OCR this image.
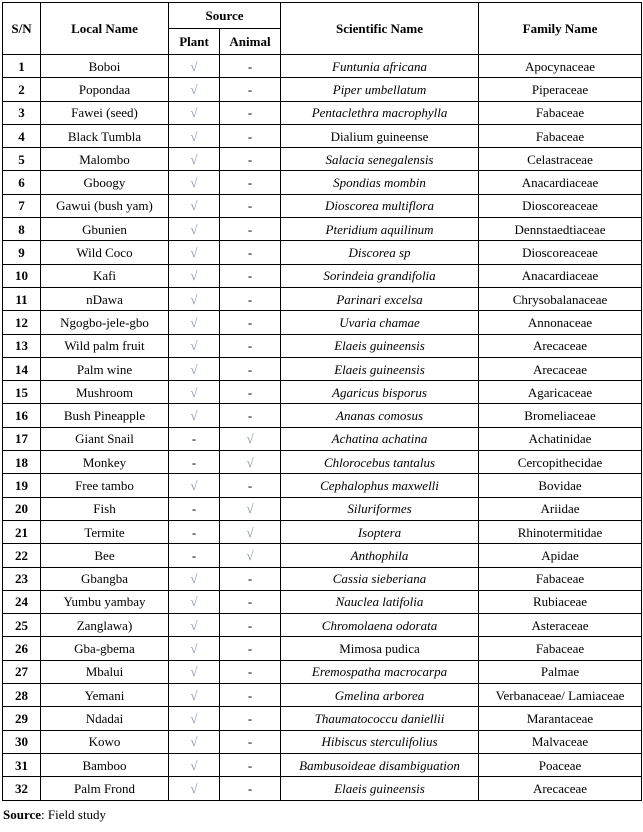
S/N	Local Name	Source		Scientific Name	Family Name
		Plant	Animal		
1	Boboi	√	-	Funtunia africana	Apocynaceae
2	Popondaa	√	-	Piper umbellatum	Piperaceae
3	Fawei (seed)	√	-	Pentaclethra macrophylla	Fabaceae
4	Black Tumbla	√	-	Dialium guineense	Fabaceae
5	Malombo	√	-	Salacia senegalensis	Celastraceae
6	Gboogy	√	-	Spondias mombin	Anacardiaceae
7	Gawui (bush yam)	√	-	Dioscorea multiflora	Dioscoreaceae
8	Gbunien	√	-	Pteridium aquilinum	Dennstaedtiaceae
9	Wild Coco	√	-	Discorea sp	Dioscoreaceae
10	Kafi	√	-	Sorindeia grandifolia	Anacardiaceae
11	nDawa	√	-	Parinari excelsa	Chrysobalanaceae
12	Ngogbo-jele-gbo	√	-	Uvaria chamae	Annonaceae
13	Wild palm fruit	√	-	Elaeis guineensis	Arecaceae
14	Palm wine	√	-	Elaeis guineensis	Arecaceae
15	Mushroom	√	-	Agaricus bisporus	Agaricaceae
16	Bush Pineapple	√	-	Ananas comosus	Bromeliaceae
17	Giant Snail	-	√	Achatina achatina	Achatinidae
18	Monkey	-	√	Chlorocebus tantalus	Cercopithecidae
19	Free tambo	√	-	Cephalophus maxwelli	Bovidae
20	Fish	-	√	Siluriformes	Ariidae
21	Termite	-	√	Isoptera	Rhinotermitidae
22	Bee	-	√	Anthophila	Apidae
23	Gbangba	√	-	Cassia sieberiana	Fabaceae
24	Yumbu yambay	√	-	Nauclea latifolia	Rubiaceae
25	Zanglawa)	√	-	Chromolaena odorata	Asteraceae
26	Gba-gbema	√	-	Mimosa pudica	Fabaceae
27	Mbalui	√	-	Eremospatha macrocarpa	Palmae
28	Yemani	√	-	Gmelina arborea	Verbanaceae/ Lamiaceae
29	Ndadai	√	-	Thaumatococcu daniellii	Marantaceae
30	Kowo	√	-	Hibiscus sterculifolius	Malvaceae
31	Bamboo	√	-	Bambusoideae disambiguation	Poaceae
32	Palm Frond	√	-	Elaeis guineensis	Arecaceae
Source: Field study
